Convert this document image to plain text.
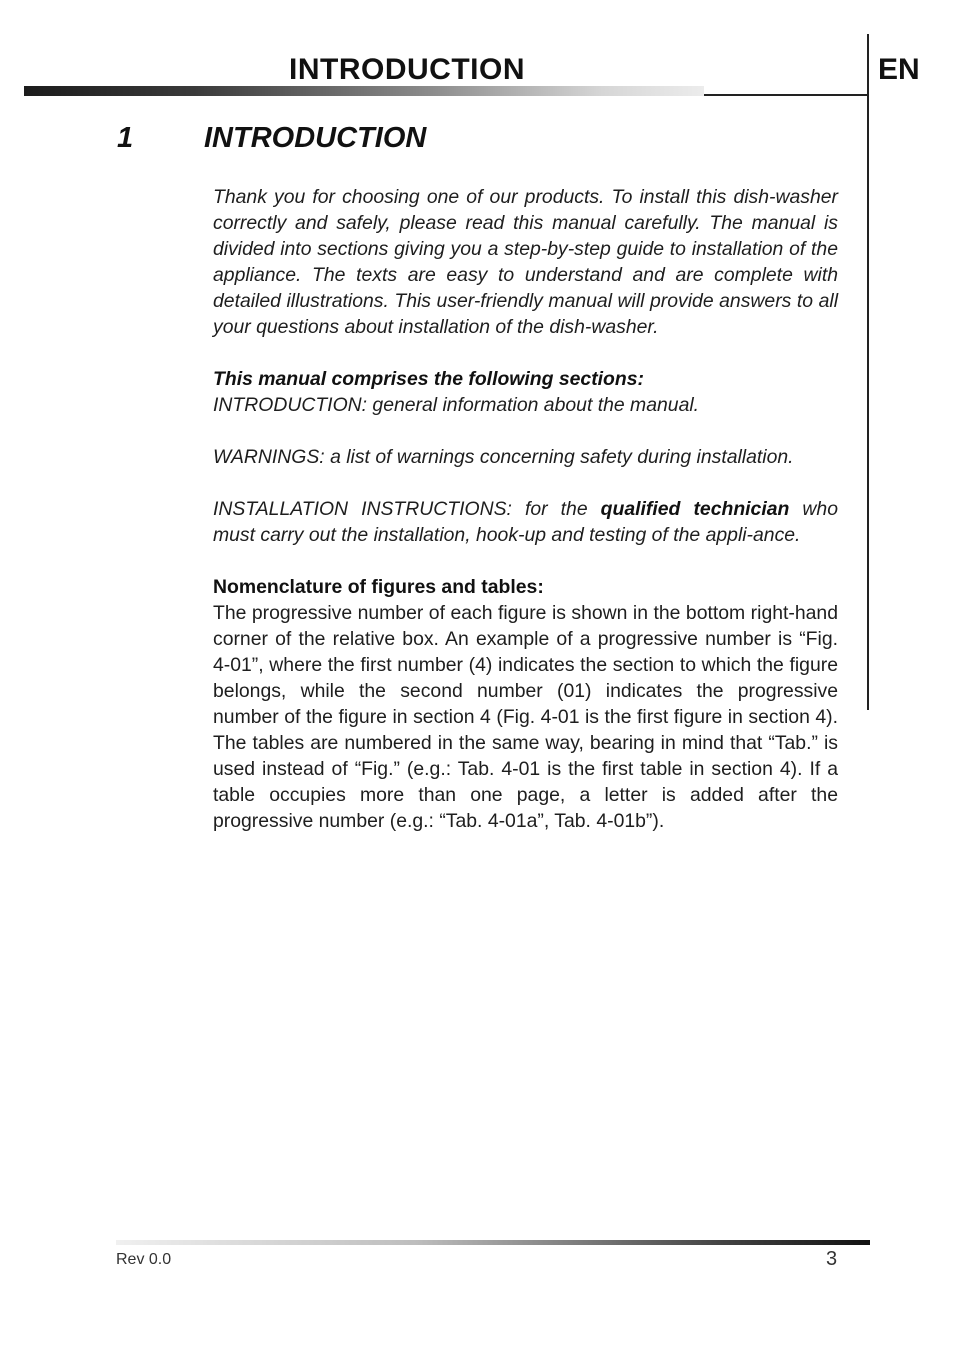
INTRODUCTION	EN
1 INTRODUCTION

Thank you for choosing one of our products. To install this dish-washer correctly and safely, please read this manual carefully. The manual is divided into sections giving you a step-by-step guide to installation of the appliance. The texts are easy to understand and are complete with detailed illustrations. This user-friendly manual will provide answers to all your questions about installation of the dish-washer.

This manual comprises the following sections:
INTRODUCTION: general information about the manual.

WARNINGS: a list of warnings concerning safety during installation.

INSTALLATION INSTRUCTIONS: for the qualified technician who must carry out the installation, hook-up and testing of the appli-ance.

Nomenclature of figures and tables:
The progressive number of each figure is shown in the bottom right-hand corner of the relative box. An example of a progressive number is “Fig. 4-01”, where the first number (4) indicates the section to which the figure belongs, while the second number (01) indicates the progressive number of the figure in section 4 (Fig. 4-01 is the first figure in section 4). The tables are numbered in the same way, bearing in mind that “Tab.” is used instead of “Fig.” (e.g.: Tab. 4-01 is the first table in section 4). If a table occupies more than one page, a letter is added after the progressive number (e.g.: “Tab. 4-01a”, Tab. 4-01b”).

Rev 0.0	3
